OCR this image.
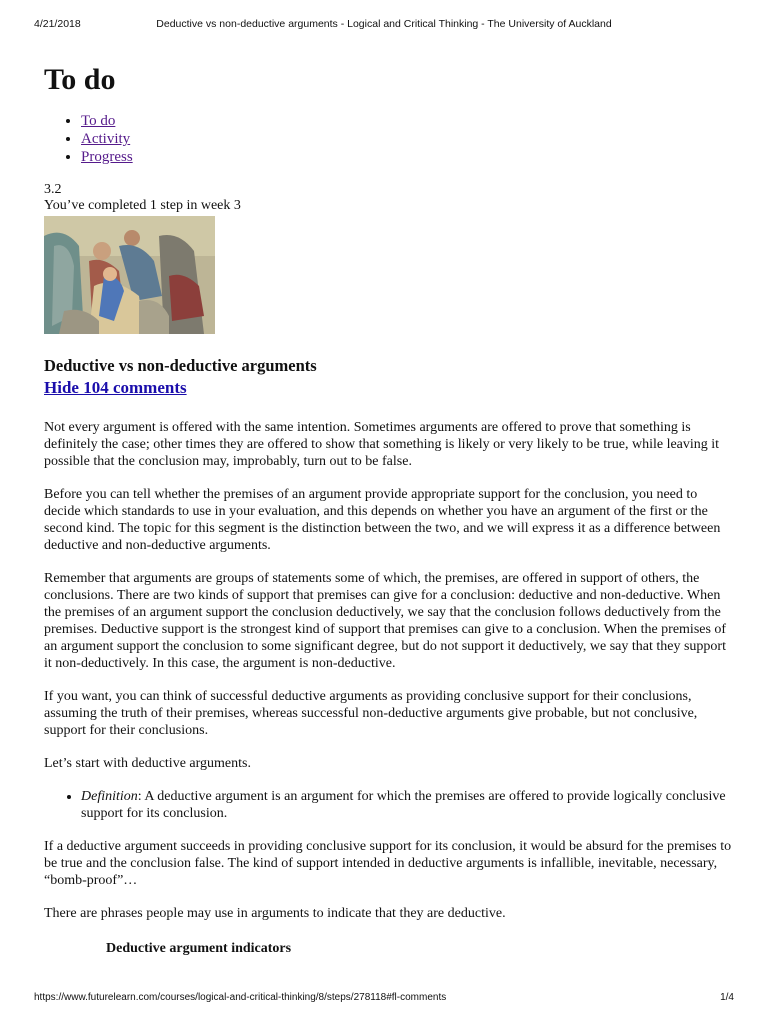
4/21/2018	Deductive vs non-deductive arguments - Logical and Critical Thinking - The University of Auckland
To do
• To do
• Activity
• Progress
3.2
You’ve completed 1 step in week 3
Deductive vs non-deductive arguments
Hide 104 comments

Not every argument is offered with the same intention. Sometimes arguments are offered to prove that something is definitely the case; other times they are offered to show that something is likely or very likely to be true, while leaving it possible that the conclusion may, improbably, turn out to be false.

Before you can tell whether the premises of an argument provide appropriate support for the conclusion, you need to decide which standards to use in your evaluation, and this depends on whether you have an argument of the first or the second kind. The topic for this segment is the distinction between the two, and we will express it as a difference between deductive and non-deductive arguments.

Remember that arguments are groups of statements some of which, the premises, are offered in support of others, the conclusions. There are two kinds of support that premises can give for a conclusion: deductive and non-deductive. When the premises of an argument support the conclusion deductively, we say that the conclusion follows deductively from the premises. Deductive support is the strongest kind of support that premises can give to a conclusion. When the premises of an argument support the conclusion to some significant degree, but do not support it deductively, we say that they support it non-deductively. In this case, the argument is non-deductive.

If you want, you can think of successful deductive arguments as providing conclusive support for their conclusions, assuming the truth of their premises, whereas successful non-deductive arguments give probable, but not conclusive, support for their conclusions.

Let’s start with deductive arguments.

• Definition: A deductive argument is an argument for which the premises are offered to provide logically conclusive support for its conclusion.

If a deductive argument succeeds in providing conclusive support for its conclusion, it would be absurd for the premises to be true and the conclusion false. The kind of support intended in deductive arguments is infallible, inevitable, necessary, “bomb-proof”…

There are phrases people may use in arguments to indicate that they are deductive.

Deductive argument indicators
https://www.futurelearn.com/courses/logical-and-critical-thinking/8/steps/278118#fl-comments	1/4
